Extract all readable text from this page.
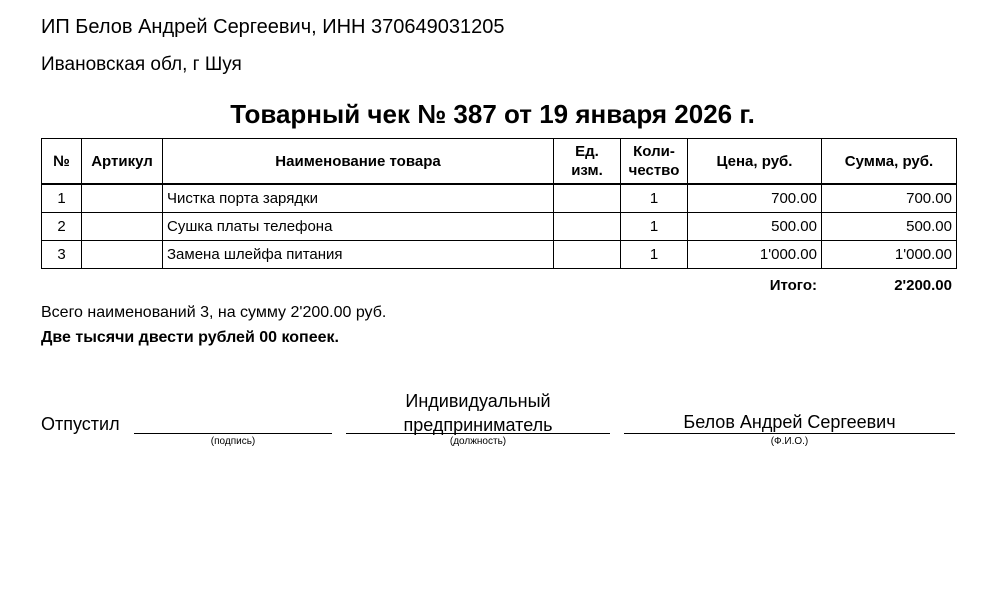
ИП Белов Андрей Сергеевич, ИНН 370649031205
Ивановская обл, г Шуя
Товарный чек № 387 от 19 января 2026 г.
№	Артикул	Наименование товара	Ед. изм.	Коли-чество	Цена, руб.	Сумма, руб.
1		Чистка порта зарядки		1	700.00	700.00
2		Сушка платы телефона		1	500.00	500.00
3		Замена шлейфа питания		1	1'000.00	1'000.00
Итого:	2'200.00
Всего наименований 3, на сумму 2'200.00 руб.
Две тысячи двести рублей 00 копеек.
Отпустил
(подпись)
Индивидуальный
предприниматель
(должность)
Белов Андрей Сергеевич
(Ф.И.О.)
